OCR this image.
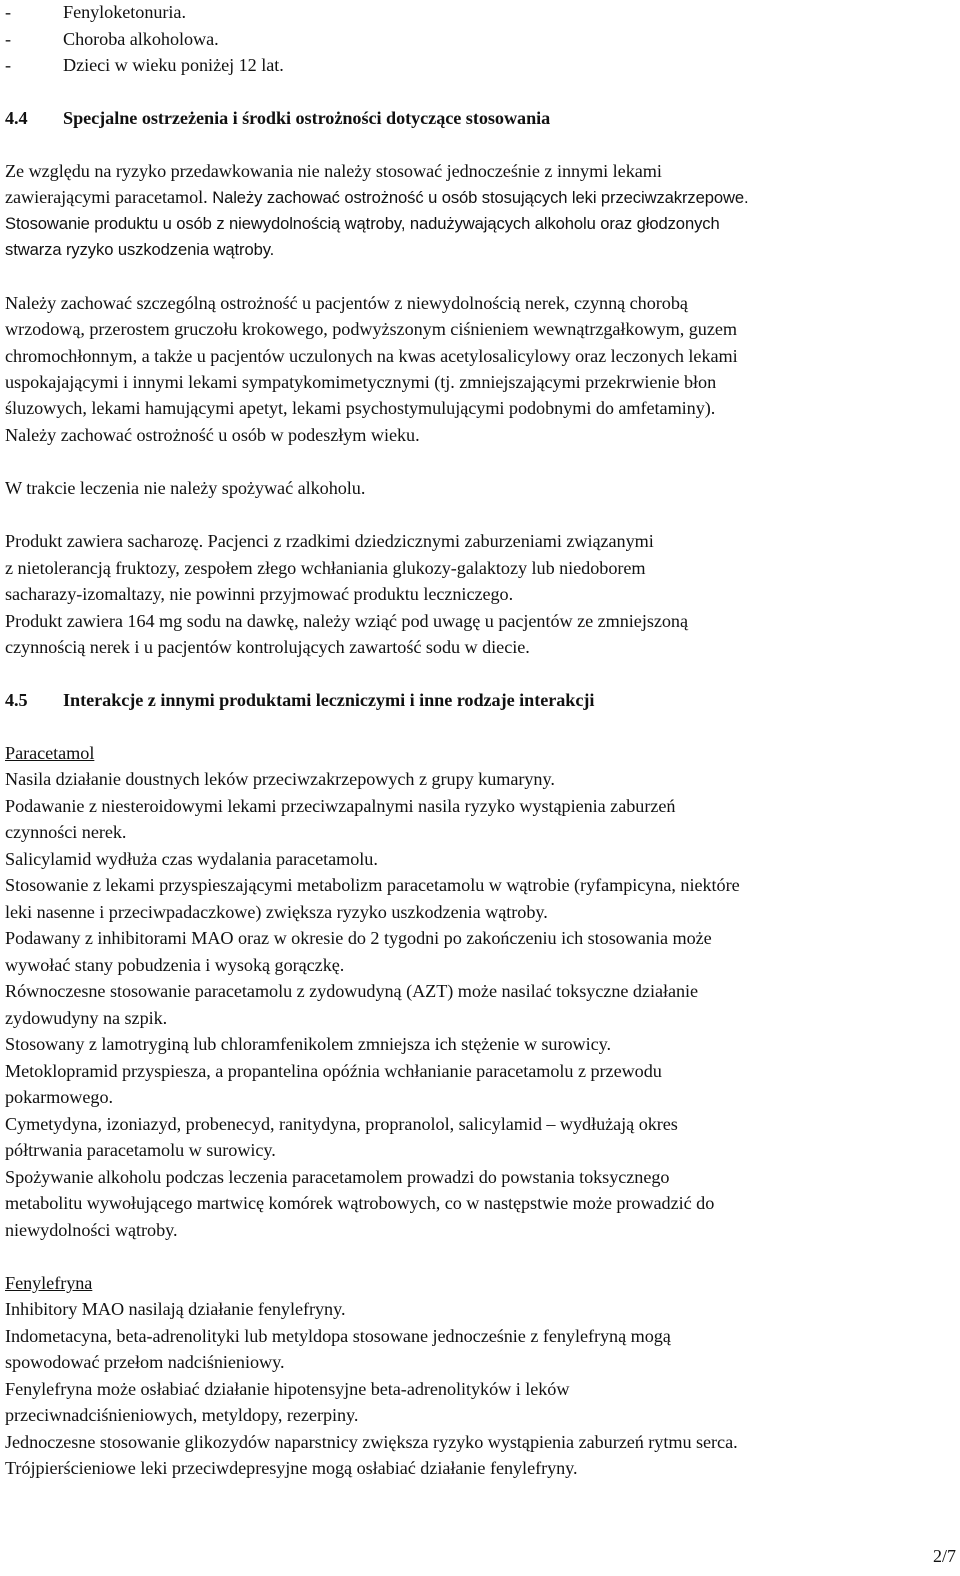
-	Fenyloketonuria.
-	Choroba alkoholowa.
-	Dzieci w wieku poniżej 12 lat.
4.4 Specjalne ostrzeżenia i środki ostrożności dotyczące stosowania
Ze względu na ryzyko przedawkowania nie należy stosować jednocześnie z innymi lekami
zawierającymi paracetamol. Należy zachować ostrożność u osób stosujących leki przeciwzakrzepowe.
Stosowanie produktu u osób z niewydolnością wątroby, nadużywających alkoholu oraz głodzonych
stwarza ryzyko uszkodzenia wątroby.
Należy zachować szczególną ostrożność u pacjentów z niewydolnością nerek, czynną chorobą
wrzodową, przerostem gruczołu krokowego, podwyższonym ciśnieniem wewnątrzgałkowym, guzem
chromochłonnym, a także u pacjentów uczulonych na kwas acetylosalicylowy oraz leczonych lekami
uspokajającymi i innymi lekami sympatykomimetycznymi (tj. zmniejszającymi przekrwienie błon
śluzowych, lekami hamującymi apetyt, lekami psychostymulującymi podobnymi do amfetaminy).
Należy zachować ostrożność u osób w podeszłym wieku.
W trakcie leczenia nie należy spożywać alkoholu.
Produkt zawiera sacharozę. Pacjenci z rzadkimi dziedzicznymi zaburzeniami związanymi
z nietolerancją fruktozy, zespołem złego wchłaniania glukozy-galaktozy lub niedoborem
sacharazy-izomaltazy, nie powinni przyjmować produktu leczniczego.
Produkt zawiera 164 mg sodu na dawkę, należy wziąć pod uwagę u pacjentów ze zmniejszoną
czynnością nerek i u pacjentów kontrolujących zawartość sodu w diecie.
4.5 Interakcje z innymi produktami leczniczymi i inne rodzaje interakcji
Paracetamol
Nasila działanie doustnych leków przeciwzakrzepowych z grupy kumaryny.
Podawanie z niesteroidowymi lekami przeciwzapalnymi nasila ryzyko wystąpienia zaburzeń
czynności nerek.
Salicylamid wydłuża czas wydalania paracetamolu.
Stosowanie z lekami przyspieszającymi metabolizm paracetamolu w wątrobie (ryfampicyna, niektóre
leki nasenne i przeciwpadaczkowe) zwiększa ryzyko uszkodzenia wątroby.
Podawany z inhibitorami MAO oraz w okresie do 2 tygodni po zakończeniu ich stosowania może
wywołać stany pobudzenia i wysoką gorączkę.
Równoczesne stosowanie paracetamolu z zydowudyną (AZT) może nasilać toksyczne działanie
zydowudyny na szpik.
Stosowany z lamotryginą lub chloramfenikolem zmniejsza ich stężenie w surowicy.
Metoklopramid przyspiesza, a propantelina opóźnia wchłanianie paracetamolu z przewodu
pokarmowego.
Cymetydyna, izoniazyd, probenecyd, ranitydyna, propranolol, salicylamid – wydłużają okres
półtrwania paracetamolu w surowicy.
Spożywanie alkoholu podczas leczenia paracetamolem prowadzi do powstania toksycznego
metabolitu wywołującego martwicę komórek wątrobowych, co w następstwie może prowadzić do
niewydolności wątroby.
Fenylefryna
Inhibitory MAO nasilają działanie fenylefryny.
Indometacyna, beta-adrenolityki lub metyldopa stosowane jednocześnie z fenylefryną mogą
spowodować przełom nadciśnieniowy.
Fenylefryna może osłabiać działanie hipotensyjne beta-adrenolityków i leków
przeciwnadciśnieniowych, metyldopy, rezerpiny.
Jednoczesne stosowanie glikozydów naparstnicy zwiększa ryzyko wystąpienia zaburzeń rytmu serca.
Trójpierścieniowe leki przeciwdepresyjne mogą osłabiać działanie fenylefryny.
2/7
